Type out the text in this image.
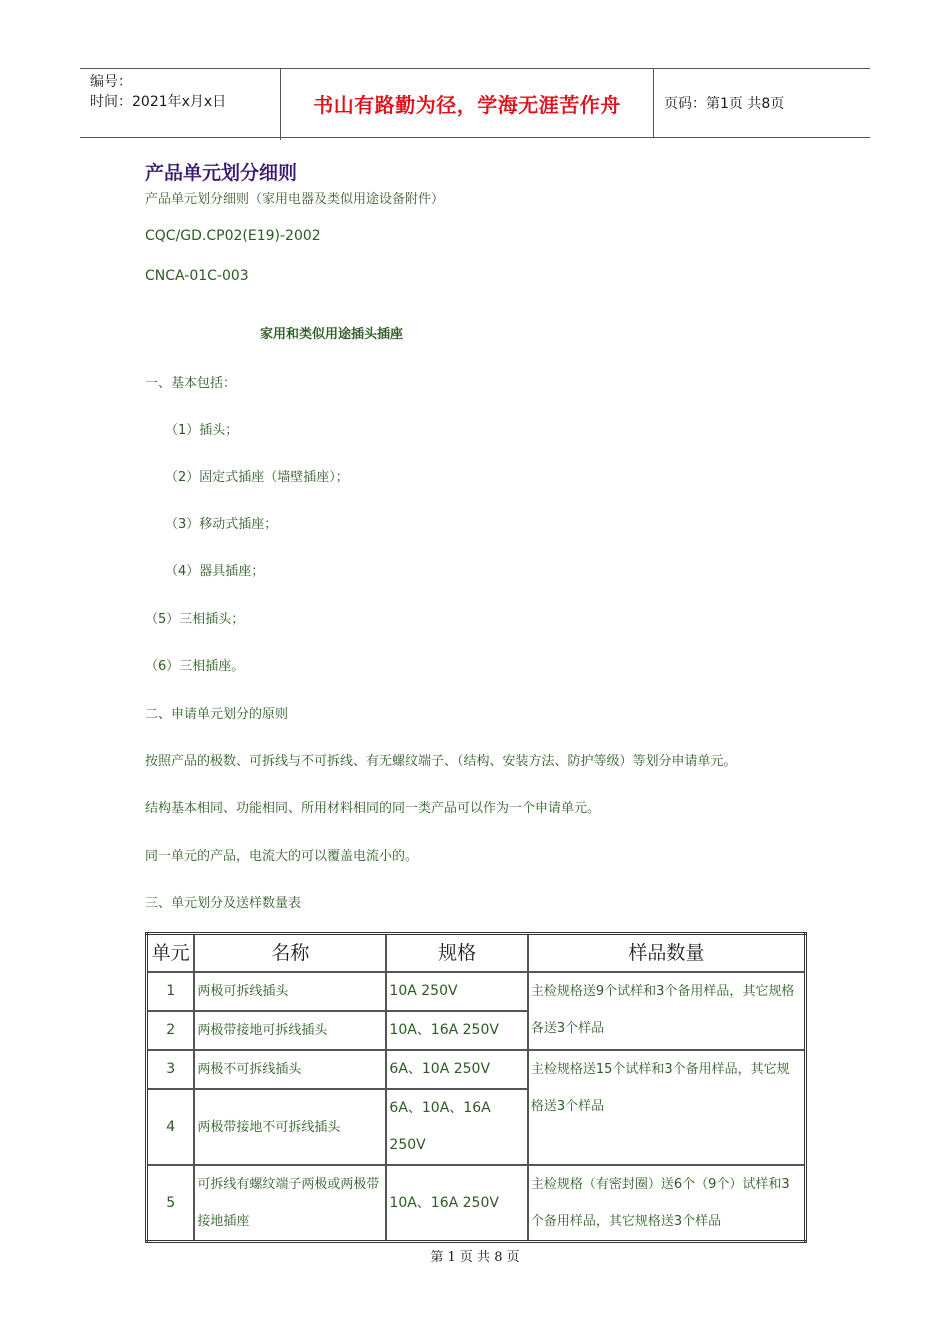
编号：
时间：2021年x月x日	书山有路勤为径，学海无涯苦作舟	页码：第1页 共8页
产品单元划分细则
产品单元划分细则（家用电器及类似用途设备附件）
CQC/GD.CP02(E19)-2002
CNCA-01C-003
家用和类似用途插头插座
一、基本包括：
（1）插头；
（2）固定式插座（墙壁插座）；
（3）移动式插座；
（4）器具插座；
（5）三相插头；
（6）三相插座。
二、申请单元划分的原则
按照产品的极数、可拆线与不可拆线、有无螺纹端子、（结构、安装方法、防护等级）等划分申请单元。
结构基本相同、功能相同、所用材料相同的同一类产品可以作为一个申请单元。
同一单元的产品，电流大的可以覆盖电流小的。
三、单元划分及送样数量表
单元	名称	规格	样品数量
1	两极可拆线插头	10A 250V	主检规格送9个试样和3个备用样品，其它规格各送3个样品
2	两极带接地可拆线插头	10A、16A 250V	
3	两极不可拆线插头	6A、10A 250V	主检规格送15个试样和3个备用样品，其它规格送3个样品
4	两极带接地不可拆线插头	6A、10A、16A 250V	
5	可拆线有螺纹端子两极或两极带接地插座	10A、16A 250V	主检规格（有密封圈）送6个（9个）试样和3个备用样品，其它规格送3个样品
第 1 页 共 8 页
